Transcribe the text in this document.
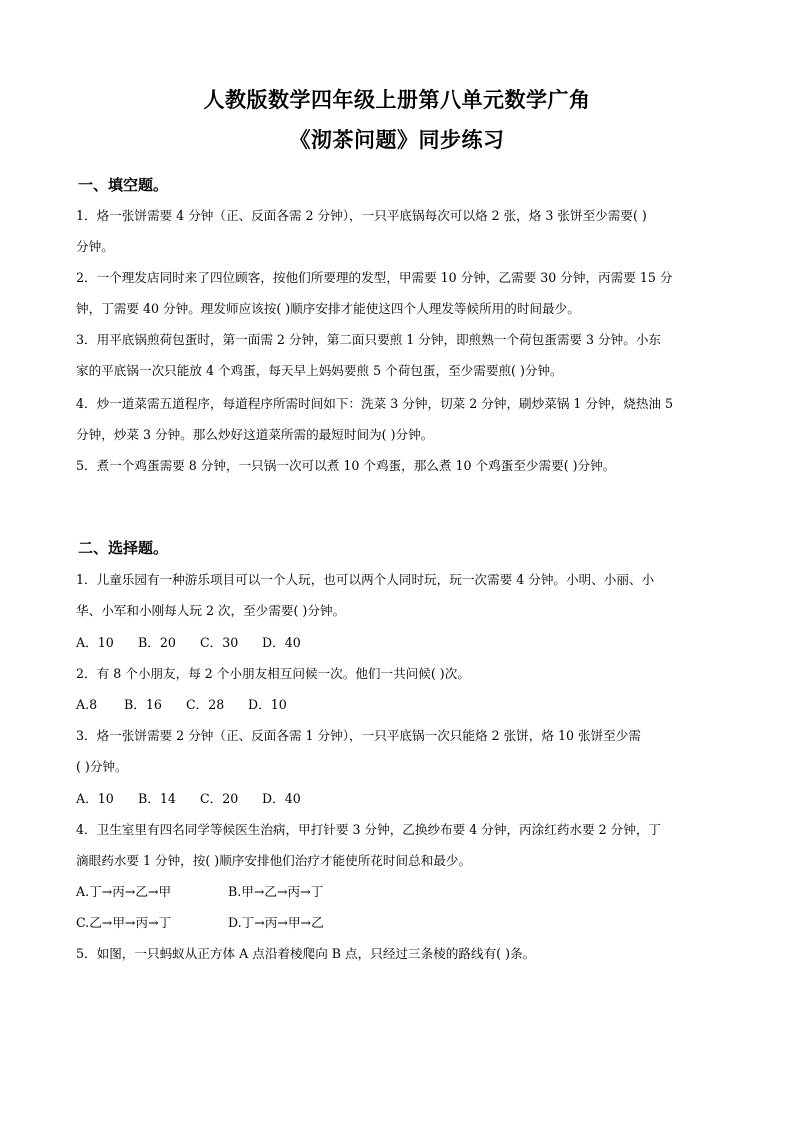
人教版数学四年级上册第八单元数学广角
《沏茶问题》同步练习
一、填空题。
1．烙一张饼需要 4 分钟（正、反面各需 2 分钟），一只平底锅每次可以烙 2 张，烙 3 张饼至少需要( )
分钟。
2．一个理发店同时来了四位顾客，按他们所要理的发型，甲需要 10 分钟，乙需要 30 分钟，丙需要 15 分
钟，丁需要 40 分钟。理发师应该按( )顺序安排才能使这四个人理发等候所用的时间最少。
3．用平底锅煎荷包蛋时，第一面需 2 分钟，第二面只要煎 1 分钟，即煎熟一个荷包蛋需要 3 分钟。小东
家的平底锅一次只能放 4 个鸡蛋，每天早上妈妈要煎 5 个荷包蛋，至少需要煎( )分钟。
4．炒一道菜需五道程序，每道程序所需时间如下：洗菜 3 分钟，切菜 2 分钟，刷炒菜锅 1 分钟，烧热油 5
分钟，炒菜 3 分钟。那么炒好这道菜所需的最短时间为( )分钟。
5．煮一个鸡蛋需要 8 分钟，一只锅一次可以煮 10 个鸡蛋，那么煮 10 个鸡蛋至少需要( )分钟。
二、选择题。
1．儿童乐园有一种游乐项目可以一个人玩，也可以两个人同时玩，玩一次需要 4 分钟。小明、小丽、小
华、小军和小刚每人玩 2 次，至少需要( )分钟。
A．10 B．20 C．30 D．40
2．有 8 个小朋友，每 2 个小朋友相互问候一次。他们一共问候( )次。
A.8 B．16 C．28 D．10
3．烙一张饼需要 2 分钟（正、反面各需 1 分钟），一只平底锅一次只能烙 2 张饼，烙 10 张饼至少需
( )分钟。
A．10 B．14 C．20 D．40
4．卫生室里有四名同学等候医生治病，甲打针要 3 分钟，乙换纱布要 4 分钟，丙涂红药水要 2 分钟，丁
滴眼药水要 1 分钟，按( )顺序安排他们治疗才能使所花时间总和最少。
A.丁→丙→乙→甲	B.甲→乙→丙→丁
C.乙→甲→丙→丁	D.丁→丙→甲→乙
5．如图，一只蚂蚁从正方体 A 点沿着棱爬向 B 点，只经过三条棱的路线有( )条。
